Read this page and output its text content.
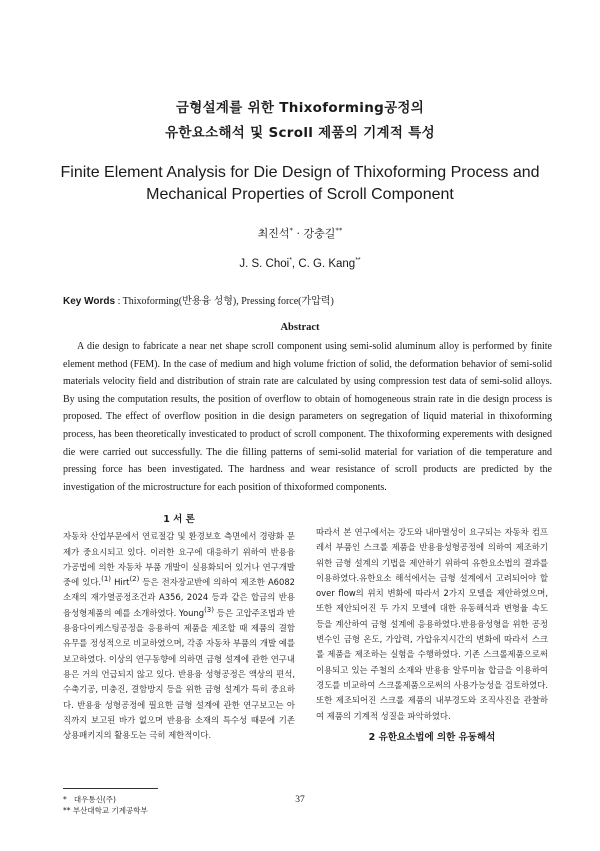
금형설계를 위한 Thixoforming공정의
유한요소해석 및 Scroll 제품의 기계적 특성
Finite Element Analysis for Die Design of Thixoforming Process and
Mechanical Properties of Scroll Component
최진석* · 강충길**
J. S. Choi*, C. G. Kang**
Key Words : Thixoforming(반용융 성형), Pressing force(가압력)
Abstract

A die design to fabricate a near net shape scroll component using semi-solid aluminum alloy is performed by finite element method (FEM). In the case of medium and high volume friction of solid, the deformation behavior of semi-solid materials velocity field and distribution of strain rate are calculated by using compression test data of semi-solid alloys. By using the computation results, the position of overflow to obtain of homogeneous strain rate in die design process is proposed. The effect of overflow position in die design parameters on segregation of liquid material in thixoforming process, has been theoretically investicated to product of scroll component. The thixoforming experements with designed die were carried out successfully. The die filling patterns of semi-solid material for variation of die temperature and pressing force has been investigated. The hardness and wear resistance of scroll products are predicted by the investigation of the microstructure for each position of thixoformed components.

1 서 론

자동차 산업부문에서 연료절감 및 환경보호 측면에서 경량화 문제가 중요시되고 있다. 이러한 요구에 대응하기 위하여 반용융 가공법에 의한 자동차 부품 개발이 실용화되어 있거나 연구개발중에 있다.$^{(1)}$ Hirt$^{(2)}$ 등은 전자장교반에 의하여 제조한 A6082 소재의 재가열공정조건과 A356, 2024 등과 같은 합금의 반용융성형제품의 예를 소개하였다. Young$^{(3)}$ 등은 고압주조법과 반용융다이케스팅공정을 응용하여 제품을 제조할 때 제품의 결함 유무를 정성적으로 비교하였으며, 각종 자동차 부품의 개발 예를 보고하였다. 이상의 연구동향에 의하면 금형 설계에 관한 연구내용은 거의 언급되지 않고 있다. 반용융 성형공정은 액상의 편석, 수축기공, 미충진, 결함방지 등을 위한 금형 설계가 특히 중요하다. 반용융 성형공정에 필요한 금형 설계에 관한 연구보고는 아직까지 보고된 바가 없으며 반용융 소재의 특수성 때문에 기존 상용패키지의 활용도는 극히 제한적이다.

따라서 본 연구에서는 강도와 내마멸성이 요구되는 자동차 컴프레서 부품인 스크롤 제품을 반용융성형공정에 의하여 제조하기 위한 금형 설계의 기법을 제안하기 위하여 유한요소법의 결과를 이용하였다.유한요소 해석에서는 금형 설계에서 고려되어야 할 over flow의 위치 변화에 따라서 2가지 모델을 제안하였으며, 또한 제안되어진 두 가지 모델에 대한 유동해석과 변형율 속도 등을 계산하여 금형 설계에 응용하였다.반용융성형을 위한 공정변수인 금형 온도, 가압력, 가압유지시간의 변화에 따라서 스크롤 제품을 제조하는 실험을 수행하였다. 기존 스크롤제품으로써 이용되고 있는 주철의 소재와 반용융 알루미늄 합금을 이용하여 경도를 비교하여 스크롤제품으로써의 사용가능성을 검토하였다. 또한 제조되어진 스크롤 제품의 내부경도와 조직사진을 관찰하여 제품의 기계적 성질을 파악하였다.

2 유한요소법에 의한 유동해석
* 대우통신(주)
** 부산대학교 기계공학부
37
